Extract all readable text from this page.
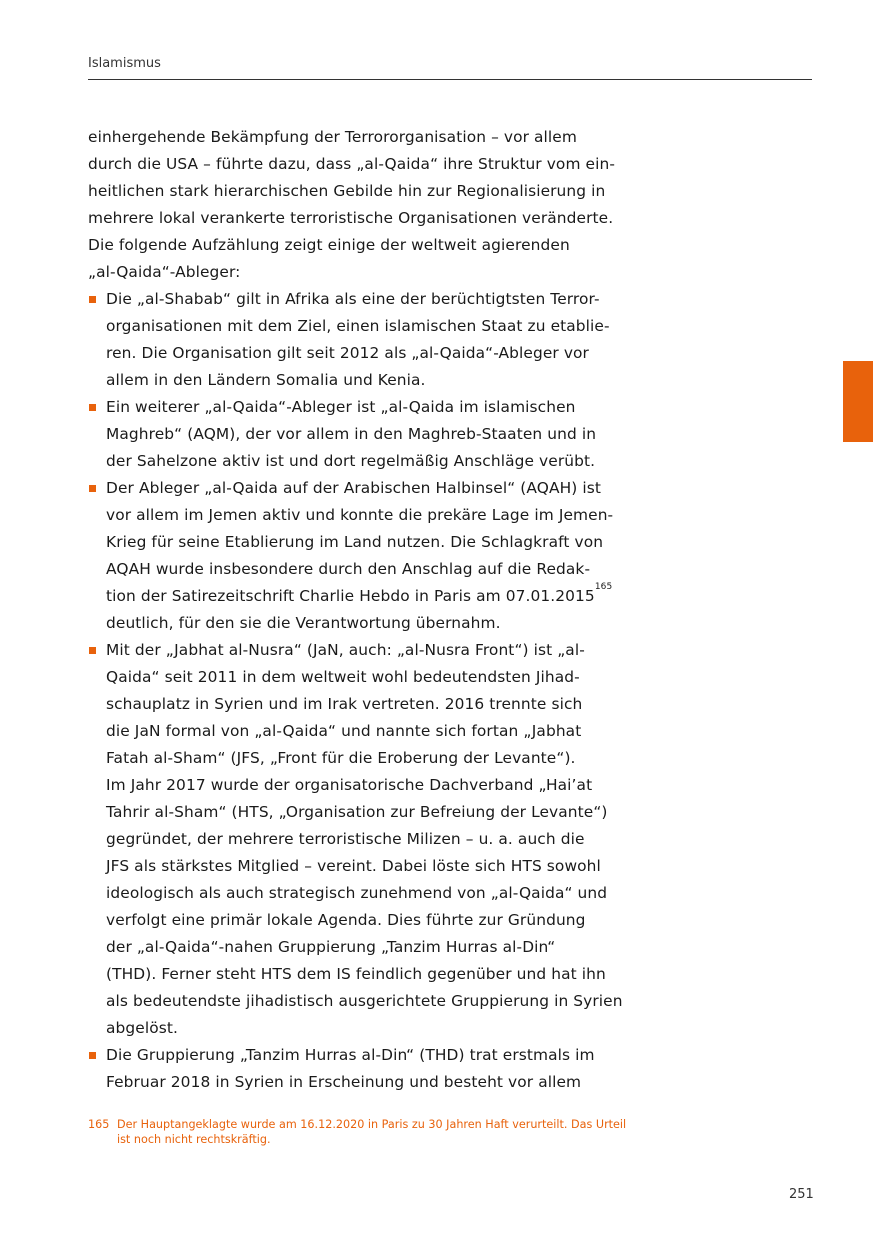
Islamismus

einhergehende Bekämpfung der Terrororganisation – vor allem
durch die USA – führte dazu, dass „al-Qaida“ ihre Struktur vom ein-
heitlichen stark hierarchischen Gebilde hin zur Regionalisierung in
mehrere lokal verankerte terroristische Organisationen veränderte.
Die folgende Aufzählung zeigt einige der weltweit agierenden
„al-Qaida“-Ableger:

Die „al-Shabab“ gilt in Afrika als eine der berüchtigtsten Terror-
organisationen mit dem Ziel, einen islamischen Staat zu etablie-
ren. Die Organisation gilt seit 2012 als „al-Qaida“-Ableger vor
allem in den Ländern Somalia und Kenia.
Ein weiterer „al-Qaida“-Ableger ist „al-Qaida im islamischen
Maghreb“ (AQM), der vor allem in den Maghreb-Staaten und in
der Sahelzone aktiv ist und dort regelmäßig Anschläge verübt.
Der Ableger „al-Qaida auf der Arabischen Halbinsel“ (AQAH) ist
vor allem im Jemen aktiv und konnte die prekäre Lage im Jemen-
Krieg für seine Etablierung im Land nutzen. Die Schlagkraft von
AQAH wurde insbesondere durch den Anschlag auf die Redak-
tion der Satirezeitschrift Charlie Hebdo in Paris am 07.01.2015$^{165}$
deutlich, für den sie die Verantwortung übernahm.
Mit der „Jabhat al-Nusra“ (JaN, auch: „al-Nusra Front“) ist „al-
Qaida“ seit 2011 in dem weltweit wohl bedeutendsten Jihad-
schauplatz in Syrien und im Irak vertreten. 2016 trennte sich
die JaN formal von „al-Qaida“ und nannte sich fortan „Jabhat
Fatah al-Sham“ (JFS, „Front für die Eroberung der Levante“).
Im Jahr 2017 wurde der organisatorische Dachverband „Hai’at
Tahrir al-Sham“ (HTS, „Organisation zur Befreiung der Levante“)
gegründet, der mehrere terroristische Milizen – u. a. auch die
JFS als stärkstes Mitglied – vereint. Dabei löste sich HTS sowohl
ideologisch als auch strategisch zunehmend von „al-Qaida“ und
verfolgt eine primär lokale Agenda. Dies führte zur Gründung
der „al-Qaida“-nahen Gruppierung „Tanzim Hurras al-Din“
(THD). Ferner steht HTS dem IS feindlich gegenüber und hat ihn
als bedeutendste jihadistisch ausgerichtete Gruppierung in Syrien
abgelöst.
Die Gruppierung „Tanzim Hurras al-Din“ (THD) trat erstmals im
Februar 2018 in Syrien in Erscheinung und besteht vor allem
165 Der Hauptangeklagte wurde am 16.12.2020 in Paris zu 30 Jahren Haft verurteilt. Das Urteil
ist noch nicht rechtskräftig.
251
